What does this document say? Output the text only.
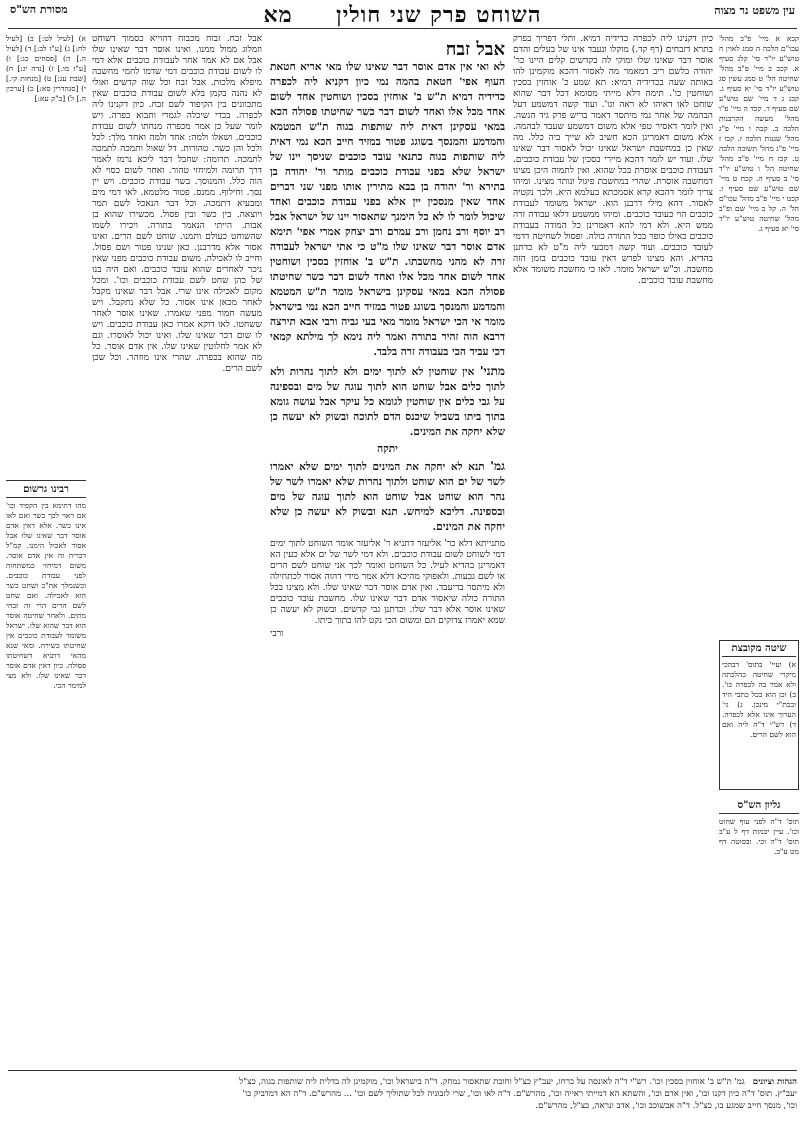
עין משפט נר מצוה
השוחט פרק שני חולין     מא
מסורת הש"ס
קכא א מיי' פ"ב מהל' עכו"ם הלכה ה סמג לאוין ח טוש"ע יו"ד סי' קלג סעיף א. קכב ב מיי' פ"ב מהל' שחיטה הל' ט סמג עשין סג טוש"ע יו"ד סי' יא סעיף ג. קכג ג ד מיי' שם טוש"ע שם סעיף ד. קכד ה מיי' פ"ו מהל' מעשה הקרבנות הלכה ב. קכה ו מיי' פ"ג מהל' שגגות הלכה ז. קכו ז מיי' פ"ג מהל' תשובה הלכה ט. קכז ח מיי' פ"ב מהל' שחיטה הל' ו טוש"ע יו"ד סי' ב סעיף ה. קכח ט מיי' שם טוש"ע שם סעיף ו. קכט י מיי' פ"ב מהל' עכו"ם הל' ה. קל כ מיי' שם ופ"ב מהל' שחיטה טוש"ע יו"ד סי' יא סעיף ג.
שיטה מקובצת
א) ועיי' בתוס' דבהכי מיקרי שחיטה כהלכתה ולא אמר בה לכפרה כו'. ב) וכן הוא בכל כתבי היד ובכת"י מינכן. ג) גי' הערוך אינו אלא לכפרה. ד) רש"י ד"ה ליה ואם הוא לשם הרים.
גליון הש"ס
תוס' ד"ה לפני עוף שחוט וכו'. עיין יבמות דף ל ע"ב תוס' ד"ה וכי. ובסוטה דף מט ע"ב.
כיון דקנינו ליה לכפרה כדידיה דמיא. ותלי דפריך בפרק בתרא דזבחים (דף קד.) מוקלו ונעבד אינו של בעלים והדם אוסר דבר שאינו שלו ומוקי לה בקדשים קלים היינו כר' יהודה בלשם ריב דמאמר מה לאסור דהכא מוקמינן להו באותה שעה בכדידיה דמיא: תא שמע כ' אוחזין בסכין ושוחטין כו'. תימה דלא מייתי מסומא דכל דבר שהוא שוחט לאו דאיהו לא ראה וגו'. ועוד קשה דמשמע דעל הבהמה של אחר נמי מיתסר דאמר בריש פרק גיד הנשה. ואין לומר דאסיר טפי אלא משום דמשמע שעבד לבהמה. אלא משום דאמרינן הכא חשיב לא שייך ביה כלל. מה שאין כן במחשבת ישראל שאינו יכול לאסור דבר שאינו שלו. ועוד יש לומר דהכא מיירי בסכין של עבודת כוכבים. דעבודת כוכבים אוסרת בכל שהוא. ואין לתמוה היכן מצינו דמחשבה אוסרת. שהרי במחשבת פיגול ונותר מצינו. ומיהו צריך לומר דהכא קרא אסמכתא בעלמא היא. ולכך נקטיה לאסור. דהא מילי דרבנן הוא. ישראל משומד לעבודת כוכבים הוי כעובד כוכבים. ומיהו ממשמע דלאו עבודה זרה ממש היא. ולא דמי להא דאמרינן כל המודה בעבודת כוכבים כאילו כופר בכל התורה כולה. ופסול לשחיטה דדמי לעובד כוכבים. ועוד קשה דמבעי ליה מ"ט לא כדתנן בהדיא. והא מצינו לפרש דאין עובד כוכבים בזמן הזה מחשבה. וכ"ש ישראל מומר. לאו כי מחשבת משומד אלא מחשבת עובד כוכבים.
אבל זבח
לא ואי אין אדם אוסר דבר שאינו שלו מאי אריא חטאת העוף אפי' חטאת בהמה נמי כיון דקניא ליה לכפרה כדידיה דמיא ת"ש ב' אוחזין בסכין ושוחטין אחד לשום אחד מכל אלו ואחד לשום דבר כשר שחיטתו פסולה הכא במאי עסקינן דאית ליה שותפות בגוה ת"ש המטמא והמדמע והמנסך בשוגג פטור במזיד חייב הכא נמי דאית ליה שותפות בגוה כתנאי עובד כוכבים שניסך יינו של ישראל שלא בפני עבודת כוכבים מותר ור' יהודה בן בתירא ור' יהודה בן בבא מתירין אותו מפני שני דברים אחד שאין מנסכין יין אלא בפני עבודת כוכבים ואחד שיכול לומר לו לא כל הימנך שתאסור יינו של ישראל אבל רב יוסף ורב נחמן ורב עמרם ורב יצחק אמרי אפי' תימא אדם אוסר דבר שאינו שלו מ"ט כי אתי ישראל לעבודה זרה לא מהני מחשבתו. ת"ש ב' אוחזין בסכין ושוחטין אחד לשום אחד מכל אלו ואחד לשום דבר כשר שחיטתו פסולה הכא במאי עסקינן בישראל מומר ת"ש המטמא והמדמע והמנסך בשוגג פטור במזיד חייב הכא נמי בישראל מומר אי הכי ישראל מומר מאי בעי גביה ורבי אבא תירצה דרבא הוה זהיר בתורה ואמר ליה נימא לך מילתא קמאי דכי עביד הכי בעבודה זרה בלבד.
מתני' אין שוחטין לא לתוך ימים ולא לתוך נהרות ולא לתוך כלים אבל שוחט הוא לתוך עוגה של מים ובספינה על גבי כלים אין שוחטין לגומא כל עיקר אבל עושה גומא בתוך ביתו בשביל שיכנס הדם לתוכה ובשוק לא יעשה כן שלא יחקה את המינים.
יתקה
גמ' תנא לא יחקה את המינים לתוך ימים שלא יאמרו לשר של ים הוא שוחט ולתוך נהרות שלא יאמרו לשר של נהר הוא שוחט אבל שוחט הוא לתוך עוגה של מים ובספינה. דליכא למיחש. תנא ובשוק לא יעשה כן שלא יחקה את המינים.
מתנייתא דלא כר' אליעזר דתניא ר' אליעזר אומר השוחט לתוך ימים דמי לשוחט לשום עבודת כוכבים. ולא דמי לשר של ים אלא כעין הא דאמרינן בהדיא לעיל. כל השוחט ואומר לכך אני שוחט לשם הרים או לשם גבעות. ולאפוקי מהיכא דלא אמר מידי דהוה אסור לכתחילה ולא מיתסר בדיעבד. ואין אדם אוסר דבר שאינו שלו. ולא מצינו בכל התורה כולה שיאסור אדם דבר שאינו שלו. מחשבת עובד כוכבים שאינו אוסר אלא דבר שלו. וכדתנן גבי קדשים. ובשוק לא יעשה כן שמא יאמרו צדוקים הם ומשום הכי נקט להו בתוך ביתו.
ורבי
אבל זבח. זבוח מכבוח דהוייא כסמוך דשוחט וזמלוג ממול ממנו. ואינו אוסר דבר שאינו שלו אבל אם לא אמר אחר לעבודת כוכבים אלא דמי לו לשום עבודת כוכבים דמי שדמו לחמי מחשבה מיפלא מלכות. אבל זבח וכל שוה קדשים ואולי לא נהנה בקמן בלא לשום עבודת כוכבים שאין מתכוונים בין הקיפוד לשם זבח. כיון דקנינו ליה לכפרה. בכדי שיכלה לגמרי ותבוא כפרה. ויש לומר שעל כן אמר מכפרה מנחתו לשום עבודת כוכבים. ושאלו ולמה: אחד ולמה ואחד מלך: לכל ולכל והן כשר. טהורות. דל שאול ותמכה לתמכה לתמכה. תרומה: שחבל דבר ליכא נרמז לאמר דרך תרומה ולמיחזי טהור. ואחר לשום כסוי לא הוה כלל. והמנוסך. בשר עבודת כוכבים. ויש יין נסך. וחילוף. ממנס. פטור מלטמא. לאו דמי מים ומבעיא דתמכה. וכל דבר הנאכל לשם תמר ויוצאה. בין כשר ובין פסול. מכשירו שהוא בן אבות. הייתי הנאמר בתורה. ויכירו לשמו שהשוחט כעולם ותמנו. שוחט לשם הרים. ואינו אסור אלא מדרבנן. כאן שנינו פטור ושם פסול. וחייב לו לאכילה. משום עבודת כוכבים מפני שאין ניכר לאחרים שהוא עובד כוכבים. ואם היה בנו של כהן שחט לשם עבודת כוכבים וכו'. ומכל מקום לאכילה אינו שרי. אבל דבר שאינו מקבל לאחר מכאן אינו אסור. כל שלא נתקבל. ויש מעשה חמור מפני שאמרו. שאינו אוסר לאחר ששחטו. לאו דוקא אמרו כאן עבודת כוכבים. ויש לו שום דבר שאינו שלו. ואינו יכול לאוסרו. וגם לא אמר לחלוטין שאינו שלו. אין אדם אוסר. כל מה שהוא בכפרה. שהרי אינו מוזהר. וכל שכן לשם הרים.
א) [לעיל לט:] ב) [לעיל לח:] ג) [ע"ז לב:] ד) [לעיל ה.] ה) [פסחים כג:] ו) [ע"ז מו.] ז) [נדה יג:] ח) [שבת עג:] ט) [מנחות קי.] י) [סנהדרין סא:] כ) [ערכין ה.] ל) [ב"ק עא:]
רבינו גרשום
מהו דתימא בין הקפיד וכו' אם ראוי לכך כשר ואם לאו אינו כשר. אלא דאין אדם אוסר דבר שאינו שלו אבל אסור לאכול הימנו. קמ"ל דבריה זה אין אדם אוסר. משום דמיחזי כמשתחוה לפני עבודת כוכבים. וכשנמלך אח"כ ושחט כשר הוא לאכילה. ואם שחט לשם הרים הרי זה זבחי מתים. ולאחר שחיטה אוסר הוא דבר שהוא שלו. ישראל משומד לעבודת כוכבים אין שחיטתו כשירה. ומאי שנא מהאי דתניא דשחיטתו פסולה. כיון דאין אדם אוסר דבר שאינו שלו. ולא מצי למימר הכי.
הגהות וציונים   גמ' ת"ש ב' אוחזין בסכין וכו'. רש"י ד"ה לאונסה על כרחו, יעב"ץ כצ"ל וחובת שתאסור נמחק. ד"ה בישראל וכו', מוקמינן לה בדלית ליה שותפות בגוה, כצ"ל
יעב"ץ. תוס' ד"ה כיון דקנו וכו', ואין אדם וכו', והשתא הא דמייתי ראייה וכו', מהרש"ם. ד"ה לאו וכו', שרי לזבוניה לכל שתוליך לשם וכו' ... מהרש"ם. ד"ה הא דמדביק כו'
וכו', מנסך חייב שמגע בו, כצ"ל. ד"ה אבשוכב וכו', אדב ונראה, כצ"ל, מהרש"ם.
